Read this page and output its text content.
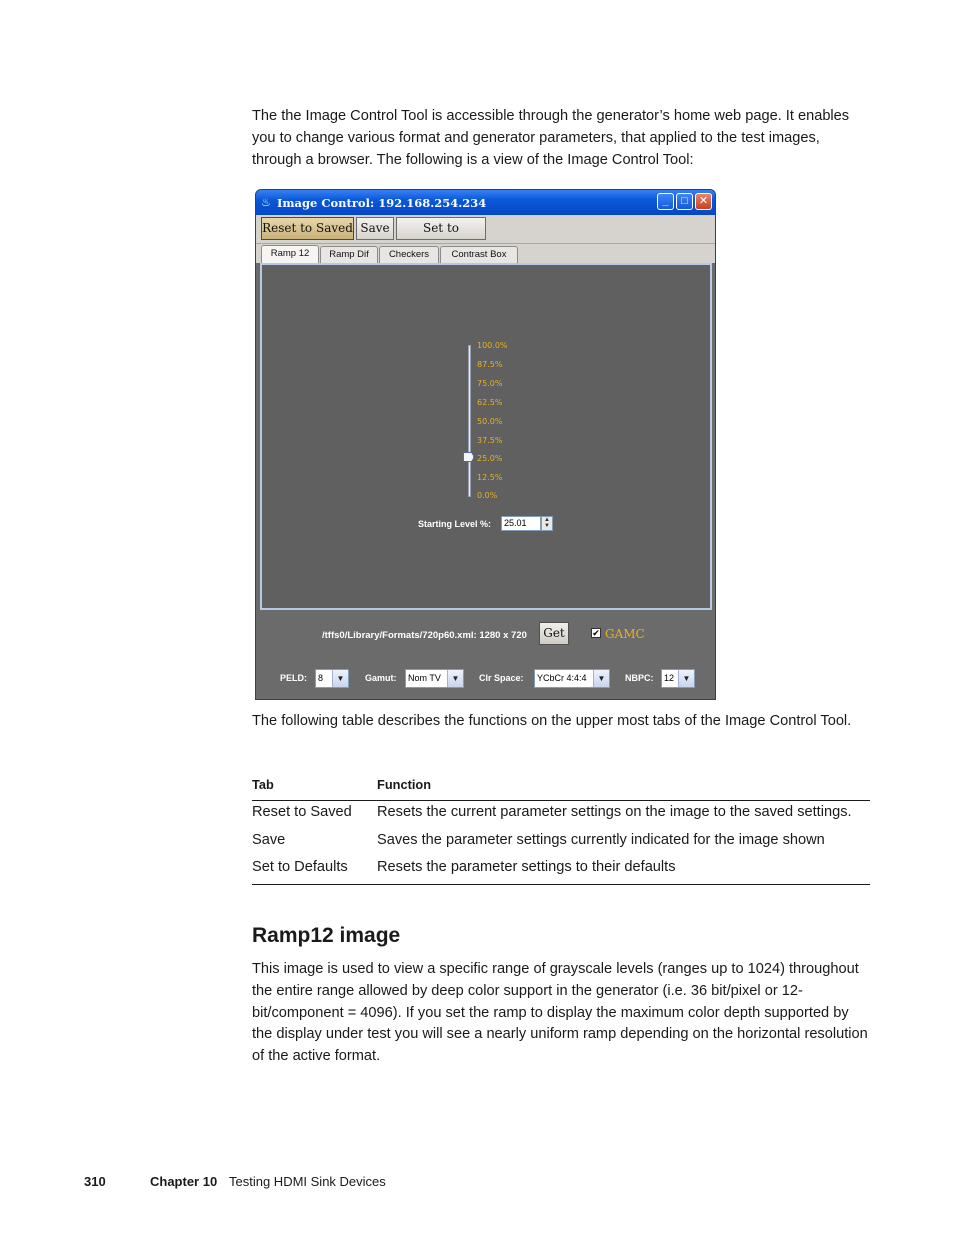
The the Image Control Tool is accessible through the generator’s home web page. It enables you to change various format and generator parameters, that applied to the test images, through a browser. The following is a view of the Image Control Tool:

♨ Image Control: 192.168.254.234	_	□	✕
Reset to Saved Save	Set to
Ramp 12	Ramp Dif	Checkers	Contrast Box
100.0%
87.5%
75.0%
62.5%
50.0%
37.5%
25.0%
12.5%
0.0%
Starting Level %:	25.01	▲
▼
/tffs0/Library/Formats/720p60.xml: 1280 x 720	Get	✔ GAMC
PELD:	8	▼	Gamut:	Nom TV	▼	Clr Space:	YCbCr 4:4:4	▼	NBPC:	12	▼

The following table describes the functions on the upper most tabs of the Image Control Tool.

Tab	Function
Reset to Saved	Resets the current parameter settings on the image to the saved settings.
Save	Saves the parameter settings currently indicated for the image shown
Set to Defaults	Resets the parameter settings to their defaults
Ramp12 image

This image is used to view a specific range of grayscale levels (ranges up to 1024) throughout the entire range allowed by deep color support in the generator (i.e. 36 bit/pixel or 12-bit/component = 4096). If you set the ramp to display the maximum color depth supported by the display under test you will see a nearly uniform ramp depending on the horizontal resolution of the active format.

310	Chapter 10 Testing HDMI Sink Devices
